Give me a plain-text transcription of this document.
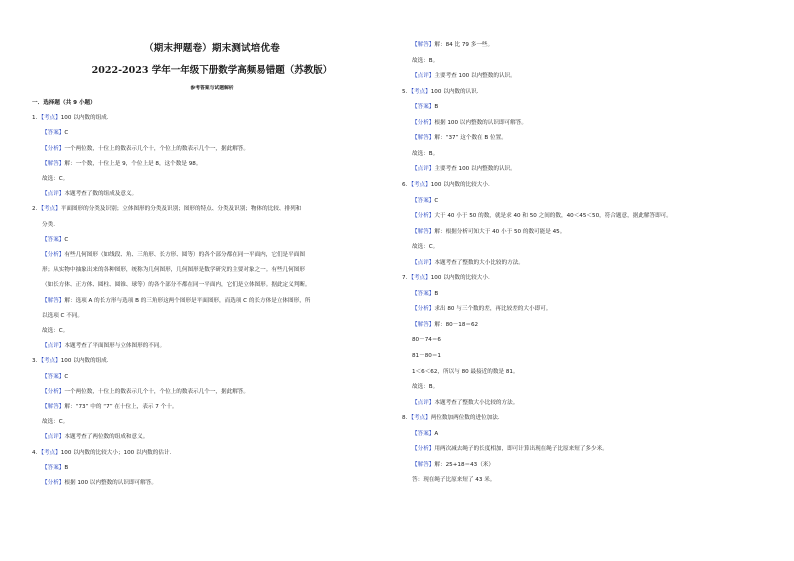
（期末押题卷）期末测试培优卷
2022-2023 学年一年级下册数学高频易错题（苏教版）
参考答案与试题解析
一．选择题（共 9 小题）
1．【考点】100 以内数的组成.
【答案】C
【分析】一个两位数，十位上的数表示几个十，个位上的数表示几个一，据此解答。
【解答】解：一个数，十位上是 9，个位上是 8，这个数是 98。
故选：C。
【点评】本题考查了数的组成及意义。
2．【考点】平面图形的分类及识别；立体图形的分类及识别；图形的特点、分类及识别；物体的比较、排列和
分类.
【答案】C
【分析】有些几何图形（如线段、角、三角形、长方形、圆等）的各个部分都在同一平面内，它们是平面图
形；从实物中抽象出来的各种图形，统称为几何图形，几何图形是数学研究的主要对象之一。有些几何图形
（如长方体、正方体、圆柱、圆锥、球等）的各个部分不都在同一平面内，它们是立体图形。据此定义判断。
【解答】解：选项 A 的长方形与选项 B 的三角形这两个图形是平面图形，而选项 C 的长方体是立体图形，所
以选项 C 不同。
故选：C。
【点评】本题考查了平面图形与立体图形的不同。
3．【考点】100 以内数的组成.
【答案】C
【分析】一个两位数，十位上的数表示几个十，个位上的数表示几个一，据此解答。
【解答】解：“73” 中的 “7” 在十位上，表示 7 个十。
故选：C。
【点评】本题考查了两位数的组成和意义。
4．【考点】100 以内数的比较大小；100 以内数的估计.
【答案】B
【分析】根据 100 以内整数的认识即可解答。
【解答】解：84 比 79 多一些。
故选：B。
【点评】主要考查 100 以内整数的认识。
5．【考点】100 以内数的认识.
【答案】B
【分析】根据 100 以内整数的认识即可解答。
【解答】解：“37” 这个数在 B 位置。
故选：B。
【点评】主要考查 100 以内整数的认识。
6．【考点】100 以内数的比较大小.
【答案】C
【分析】大于 40 小于 50 的数，就是求 40 和 50 之间的数，40＜45＜50，符合题意，据此解答即可。
【解答】解：根据分析可知大于 40 小于 50 的数可能是 45。
故选：C。
【点评】本题考查了整数的大小比较的方法。
7．【考点】100 以内数的比较大小.
【答案】B
【分析】求出 80 与三个数的差，再比较差的大小即可。
【解答】解：80－18＝62
80－74＝6
81－80＝1
1＜6＜62，所以与 80 最接近的数是 81。
故选：B。
【点评】本题考查了整数大小比较的方法。
8．【考点】两位数加两位数的进位加法.
【答案】A
【分析】用两次减去绳子的长度相加，即可计算出现在绳子比原来短了多少米。
【解答】解：25+18＝43（米）
答：现在绳子比原来短了 43 米。
